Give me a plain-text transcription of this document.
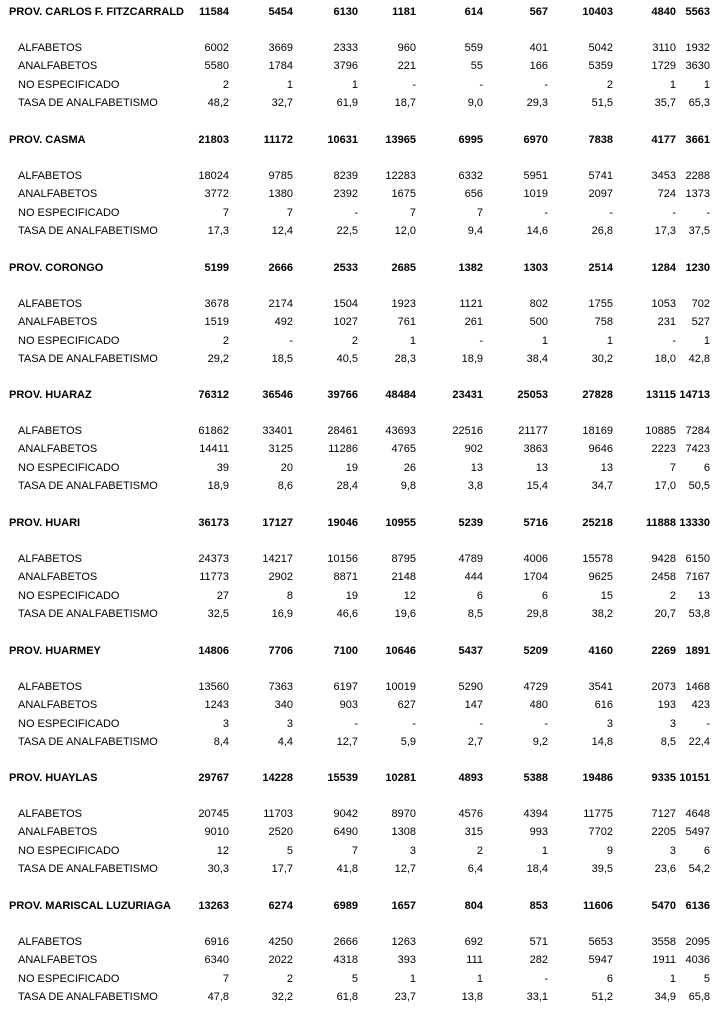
PROV. CARLOS F. FITZCARRALD	11584	5454	6130	1181	614	567	10403	4840 5563
ALFABETOS	6002	3669	2333	960	559	401	5042	3110 1932
ANALFABETOS	5580	1784	3796	221	55	166	5359	1729 3630
NO ESPECIFICADO	2	1	1	-	-	-	2	1	1
TASA DE ANALFABETISMO	48,2	32,7	61,9	18,7	9,0	29,3	51,5	35,7	65,3
PROV. CASMA	21803	11172	10631	13965	6995	6970	7838	4177 3661
ALFABETOS	18024	9785	8239	12283	6332	5951	5741	3453 2288
ANALFABETOS	3772	1380	2392	1675	656	1019	2097	724 1373
NO ESPECIFICADO	7	7	-	7	7	-	-	-	-
TASA DE ANALFABETISMO	17,3	12,4	22,5	12,0	9,4	14,6	26,8	17,3	37,5
PROV. CORONGO	5199	2666	2533	2685	1382	1303	2514	1284 1230
ALFABETOS	3678	2174	1504	1923	1121	802	1755	1053	702
ANALFABETOS	1519	492	1027	761	261	500	758	231	527
NO ESPECIFICADO	2	-	2	1	-	1	1	-	1
TASA DE ANALFABETISMO	29,2	18,5	40,5	28,3	18,9	38,4	30,2	18,0	42,8
PROV. HUARAZ	76312	36546	39766	48484	23431	25053	27828	13115 14713
ALFABETOS	61862	33401	28461	43693	22516	21177	18169	10885 7284
ANALFABETOS	14411	3125	11286	4765	902	3863	9646	2223 7423
NO ESPECIFICADO	39	20	19	26	13	13	13	7	6
TASA DE ANALFABETISMO	18,9	8,6	28,4	9,8	3,8	15,4	34,7	17,0	50,5
PROV. HUARI	36173	17127	19046	10955	5239	5716	25218	11888 13330
ALFABETOS	24373	14217	10156	8795	4789	4006	15578	9428 6150
ANALFABETOS	11773	2902	8871	2148	444	1704	9625	2458 7167
NO ESPECIFICADO	27	8	19	12	6	6	15	2	13
TASA DE ANALFABETISMO	32,5	16,9	46,6	19,6	8,5	29,8	38,2	20,7	53,8
PROV. HUARMEY	14806	7706	7100	10646	5437	5209	4160	2269 1891
ALFABETOS	13560	7363	6197	10019	5290	4729	3541	2073 1468
ANALFABETOS	1243	340	903	627	147	480	616	193	423
NO ESPECIFICADO	3	3	-	-	-	-	3	3	-
TASA DE ANALFABETISMO	8,4	4,4	12,7	5,9	2,7	9,2	14,8	8,5	22,4
PROV. HUAYLAS	29767	14228	15539	10281	4893	5388	19486	9335 10151
ALFABETOS	20745	11703	9042	8970	4576	4394	11775	7127 4648
ANALFABETOS	9010	2520	6490	1308	315	993	7702	2205 5497
NO ESPECIFICADO	12	5	7	3	2	1	9	3	6
TASA DE ANALFABETISMO	30,3	17,7	41,8	12,7	6,4	18,4	39,5	23,6	54,2
PROV. MARISCAL LUZURIAGA	13263	6274	6989	1657	804	853	11606	5470 6136
ALFABETOS	6916	4250	2666	1263	692	571	5653	3558 2095
ANALFABETOS	6340	2022	4318	393	111	282	5947	1911 4036
NO ESPECIFICADO	7	2	5	1	1	-	6	1	5
TASA DE ANALFABETISMO	47,8	32,2	61,8	23,7	13,8	33,1	51,2	34,9	65,8
